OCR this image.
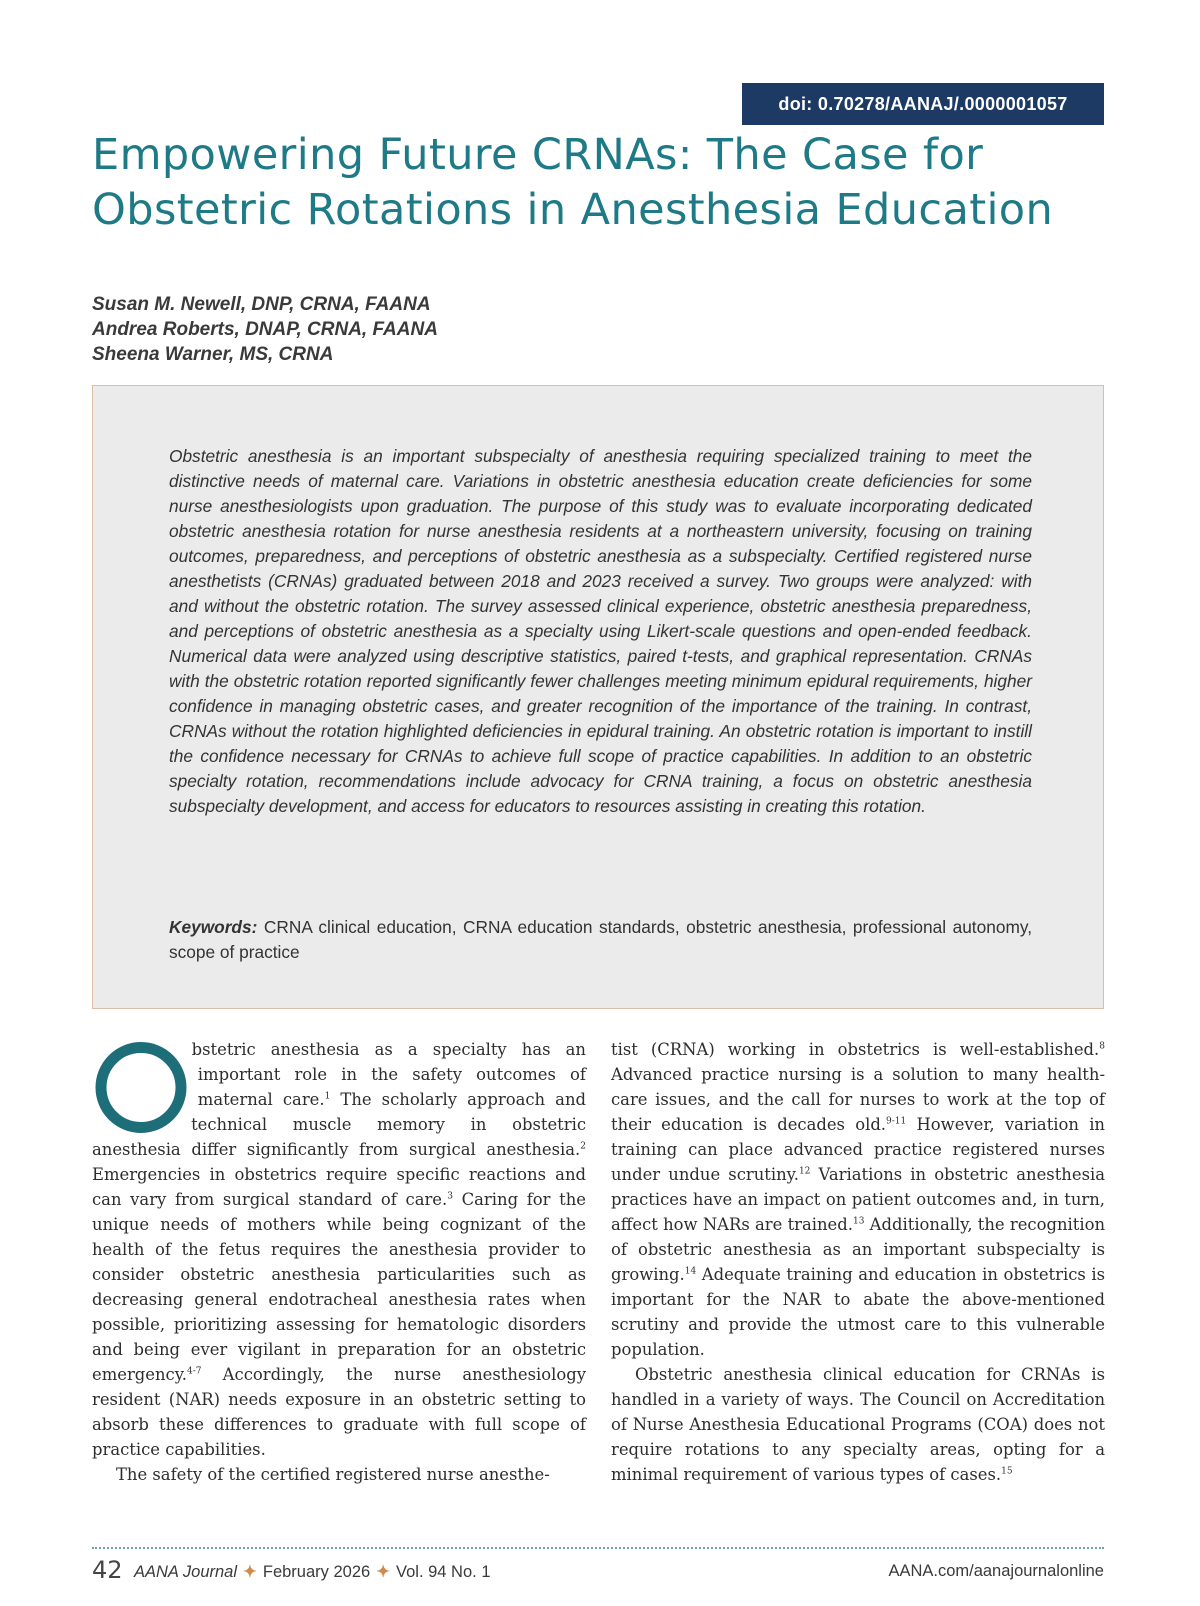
doi: 0.70278/AANAJ/.0000001057
Empowering Future CRNAs: The Case for
Obstetric Rotations in Anesthesia Education
Susan M. Newell, DNP, CRNA, FAANA
Andrea Roberts, DNAP, CRNA, FAANA
Sheena Warner, MS, CRNA

Obstetric anesthesia is an important subspecialty of anesthesia requiring specialized training to meet the distinctive needs of maternal care. Variations in obstetric anesthesia education create deficiencies for some nurse anesthesiologists upon graduation. The purpose of this study was to evaluate incorporating dedicated obstetric anesthesia rotation for nurse anesthesia residents at a northeastern university, focusing on training outcomes, preparedness, and perceptions of obstetric anesthesia as a subspecialty. Certified registered nurse anesthetists (CRNAs) graduated between 2018 and 2023 received a survey. Two groups were analyzed: with and without the obstetric rotation. The survey assessed clinical experience, obstetric anesthesia preparedness, and perceptions of obstetric anesthesia as a specialty using Likert-scale questions and open-ended feedback. Numerical data were analyzed using descriptive statistics, paired t-tests, and graphical representation. CRNAs with the obstetric rotation reported significantly fewer challenges meeting minimum epidural requirements, higher confidence in managing obstetric cases, and greater recognition of the importance of the training. In contrast, CRNAs without the rotation highlighted deficiencies in epidural training. An obstetric rotation is important to instill the confidence necessary for CRNAs to achieve full scope of practice capabilities. In addition to an obstetric specialty rotation, recommendations include advocacy for CRNA training, a focus on obstetric anesthesia subspecialty development, and access for educators to resources assisting in creating this rotation.

Keywords: CRNA clinical education, CRNA education standards, obstetric anesthesia, professional autonomy, scope of practice

O

bstetric anesthesia as a specialty has an important role in the safety outcomes of maternal care.$^1$ The scholarly approach and technical muscle memory in obstetric anesthesia differ significantly from surgical anesthesia.$^2$ Emergencies in obstetrics require specific reactions and can vary from surgical standard of care.$^3$ Caring for the unique needs of mothers while being cognizant of the health of the fetus requires the anesthesia provider to consider obstetric anesthesia particularities such as decreasing general endotracheal anesthesia rates when possible, prioritizing assessing for hematologic disorders and being ever vigilant in preparation for an obstetric emergency.$^{4-7}$ Accordingly, the nurse anesthesiology resident (NAR) needs exposure in an obstetric setting to absorb these differences to graduate with full scope of practice capabilities.

The safety of the certified registered nurse anesthe-

tist (CRNA) working in obstetrics is well-established.$^8$ Advanced practice nursing is a solution to many health-care issues, and the call for nurses to work at the top of their education is decades old.$^{9-11}$ However, variation in training can place advanced practice registered nurses under undue scrutiny.$^{12}$ Variations in obstetric anesthesia practices have an impact on patient outcomes and, in turn, affect how NARs are trained.$^{13}$ Additionally, the recognition of obstetric anesthesia as an important subspecialty is growing.$^{14}$ Adequate training and education in obstetrics is important for the NAR to abate the above-mentioned scrutiny and provide the utmost care to this vulnerable population.

Obstetric anesthesia clinical education for CRNAs is handled in a variety of ways. The Council on Accreditation of Nurse Anesthesia Educational Programs (COA) does not require rotations to any specialty areas, opting for a minimal requirement of various types of cases.$^{15}$

42 AANA Journal ✦ February 2026 ✦ Vol. 94 No. 1	AANA.com/aanajournalonline
